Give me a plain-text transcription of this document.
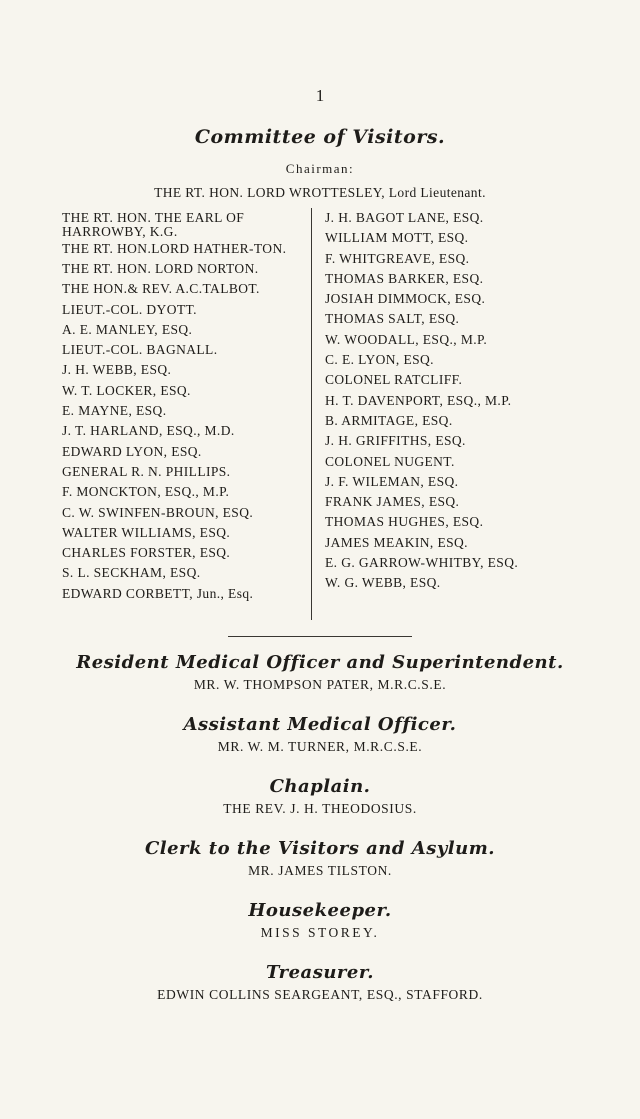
1
Committee of Visitors.
Chairman:
THE RT. HON. LORD WROTTESLEY, Lord Lieutenant.
THE RT. HON. THE EARL OF HARROWBY, K.G.
THE RT. HON.LORD HATHER-TON.
THE RT. HON. LORD NORTON.
THE HON.& REV. A.C.TALBOT.
LIEUT.-COL. DYOTT.
A. E. MANLEY, ESQ.
LIEUT.-COL. BAGNALL.
J. H. WEBB, ESQ.
W. T. LOCKER, ESQ.
E. MAYNE, ESQ.
J. T. HARLAND, ESQ., M.D.
EDWARD LYON, ESQ.
GENERAL R. N. PHILLIPS.
F. MONCKTON, ESQ., M.P.
C. W. SWINFEN-BROUN, ESQ.
WALTER WILLIAMS, ESQ.
CHARLES FORSTER, ESQ.
S. L. SECKHAM, ESQ.
EDWARD CORBETT, Jun., Esq.
J. H. BAGOT LANE, ESQ.
WILLIAM MOTT, ESQ.
F. WHITGREAVE, ESQ.
THOMAS BARKER, ESQ.
JOSIAH DIMMOCK, ESQ.
THOMAS SALT, ESQ.
W. WOODALL, ESQ., M.P.
C. E. LYON, ESQ.
COLONEL RATCLIFF.
H. T. DAVENPORT, ESQ., M.P.
B. ARMITAGE, ESQ.
J. H. GRIFFITHS, ESQ.
COLONEL NUGENT.
J. F. WILEMAN, ESQ.
FRANK JAMES, ESQ.
THOMAS HUGHES, ESQ.
JAMES MEAKIN, ESQ.
E. G. GARROW-WHITBY, ESQ.
W. G. WEBB, ESQ.
Resident Medical Officer and Superintendent.
MR. W. THOMPSON PATER, M.R.C.S.E.
Assistant Medical Officer.
MR. W. M. TURNER, M.R.C.S.E.
Chaplain.
THE REV. J. H. THEODOSIUS.
Clerk to the Visitors and Asylum.
MR. JAMES TILSTON.
Housekeeper.
MISS STOREY.
Treasurer.
EDWIN COLLINS SEARGEANT, ESQ., STAFFORD.
